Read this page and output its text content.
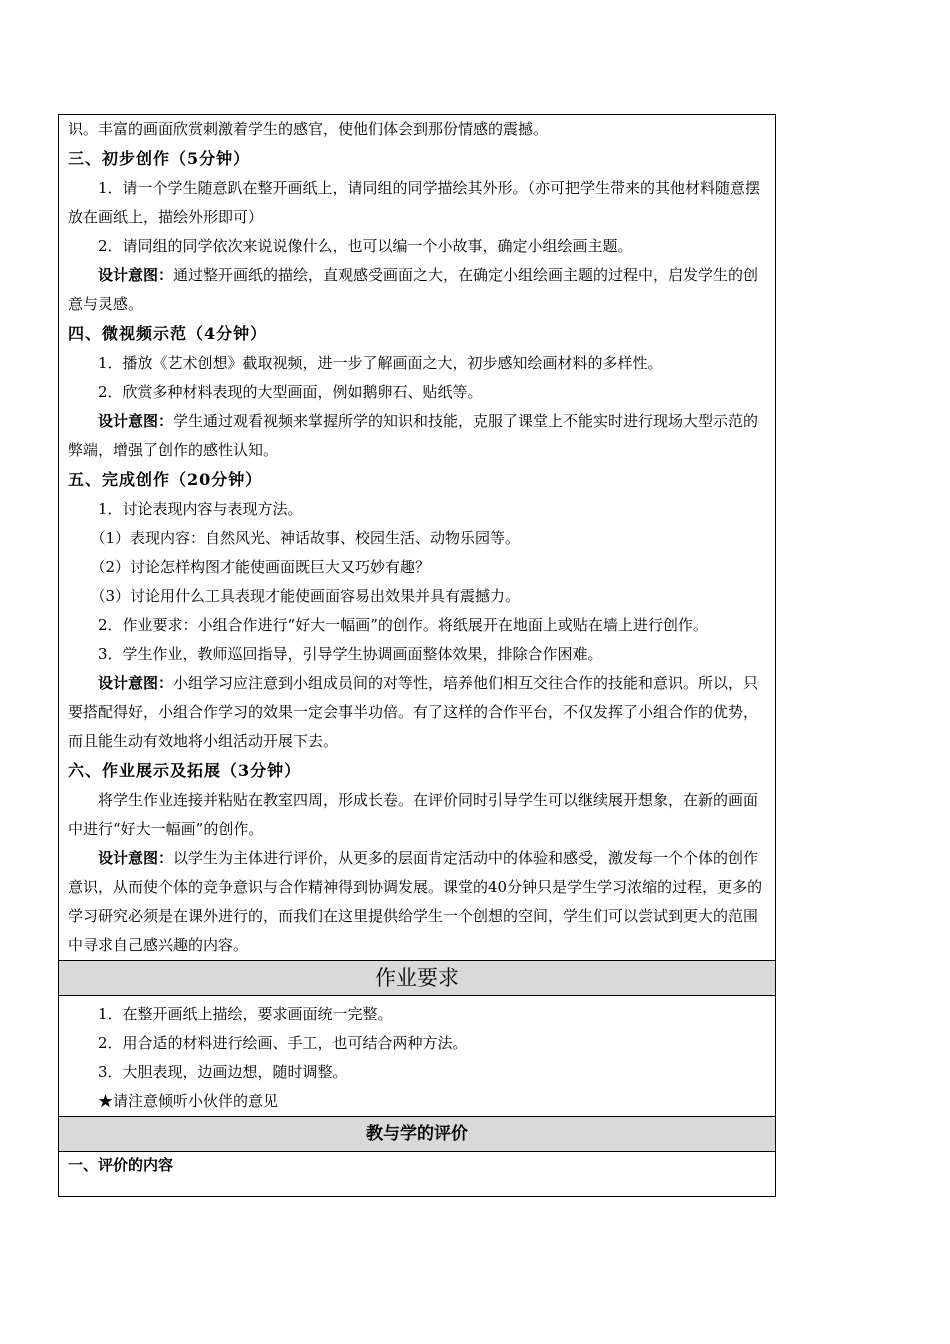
识。丰富的画面欣赏刺激着学生的感官，使他们体会到那份情感的震撼。

三、初步创作（5分钟）

1．请一个学生随意趴在整开画纸上，请同组的同学描绘其外形。（亦可把学生带来的其他材料随意摆放在画纸上，描绘外形即可）

2．请同组的同学依次来说说像什么，也可以编一个小故事，确定小组绘画主题。

设计意图：通过整开画纸的描绘，直观感受画面之大，在确定小组绘画主题的过程中，启发学生的创意与灵感。

四、微视频示范（4分钟）

1．播放《艺术创想》截取视频，进一步了解画面之大，初步感知绘画材料的多样性。

2．欣赏多种材料表现的大型画面，例如鹅卵石、贴纸等。

设计意图：学生通过观看视频来掌握所学的知识和技能，克服了课堂上不能实时进行现场大型示范的弊端，增强了创作的感性认知。

五、完成创作（20分钟）

1．讨论表现内容与表现方法。

（1）表现内容：自然风光、神话故事、校园生活、动物乐园等。

（2）讨论怎样构图才能使画面既巨大又巧妙有趣？

（3）讨论用什么工具表现才能使画面容易出效果并具有震撼力。

2．作业要求：小组合作进行“好大一幅画”的创作。将纸展开在地面上或贴在墙上进行创作。

3．学生作业，教师巡回指导，引导学生协调画面整体效果，排除合作困难。

设计意图：小组学习应注意到小组成员间的对等性，培养他们相互交往合作的技能和意识。所以，只要搭配得好，小组合作学习的效果一定会事半功倍。有了这样的合作平台，不仅发挥了小组合作的优势，而且能生动有效地将小组活动开展下去。

六、作业展示及拓展（3分钟）

将学生作业连接并粘贴在教室四周，形成长卷。在评价同时引导学生可以继续展开想象，在新的画面中进行“好大一幅画”的创作。

设计意图：以学生为主体进行评价，从更多的层面肯定活动中的体验和感受，激发每一个个体的创作意识，从而使个体的竞争意识与合作精神得到协调发展。课堂的40分钟只是学生学习浓缩的过程，更多的学习研究必须是在课外进行的，而我们在这里提供给学生一个创想的空间，学生们可以尝试到更大的范围中寻求自己感兴趣的内容。

作业要求

1．在整开画纸上描绘，要求画面统一完整。

2．用合适的材料进行绘画、手工，也可结合两种方法。

3．大胆表现，边画边想，随时调整。

★请注意倾听小伙伴的意见

教与学的评价

一、评价的内容
